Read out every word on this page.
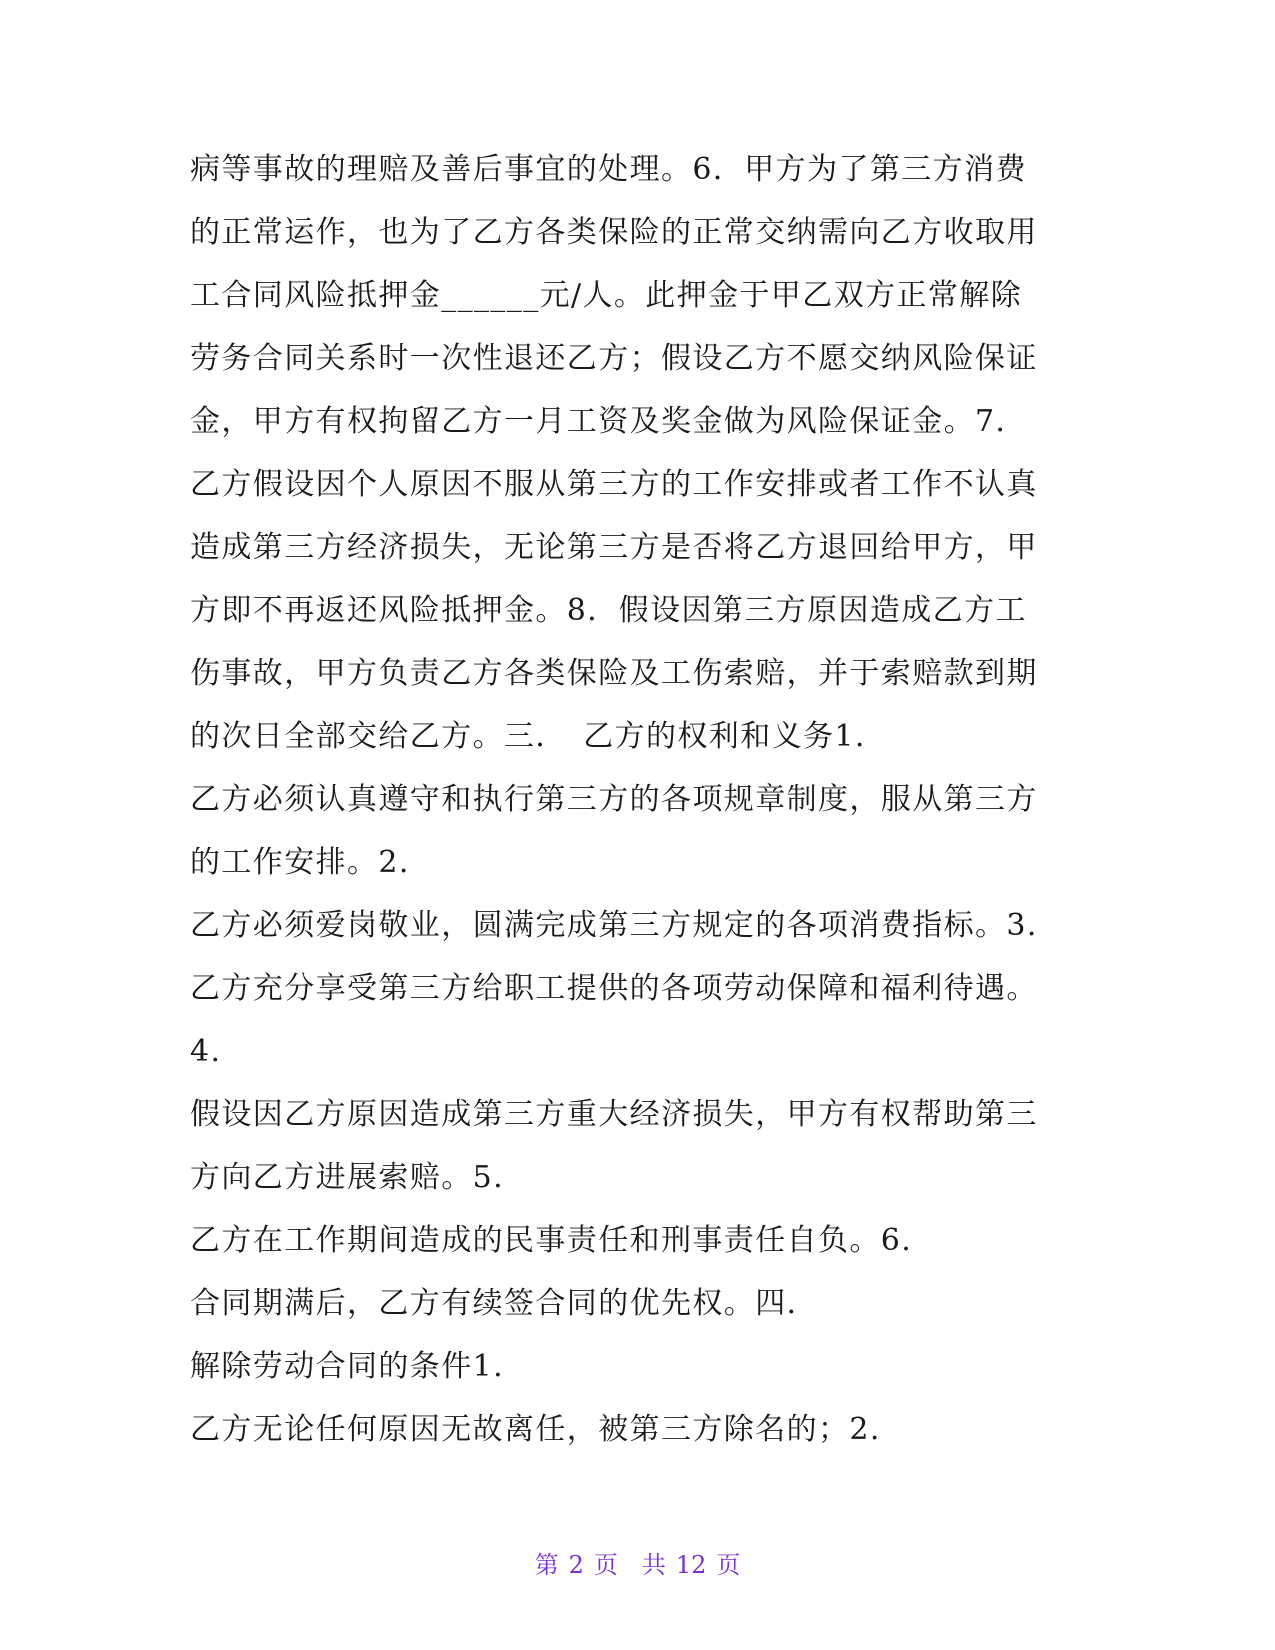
病等事故的理赔及善后事宜的处理。6．甲方为了第三方消费
的正常运作，也为了乙方各类保险的正常交纳需向乙方收取用
工合同风险抵押金______元/人。此押金于甲乙双方正常解除
劳务合同关系时一次性退还乙方；假设乙方不愿交纳风险保证
金，甲方有权拘留乙方一月工资及奖金做为风险保证金。7．
乙方假设因个人原因不服从第三方的工作安排或者工作不认真
造成第三方经济损失，无论第三方是否将乙方退回给甲方，甲
方即不再返还风险抵押金。8．假设因第三方原因造成乙方工
伤事故，甲方负责乙方各类保险及工伤索赔，并于索赔款到期
的次日全部交给乙方。三．　乙方的权利和义务1.
乙方必须认真遵守和执行第三方的各项规章制度，服从第三方
的工作安排。2.
乙方必须爱岗敬业，圆满完成第三方规定的各项消费指标。3.
乙方充分享受第三方给职工提供的各项劳动保障和福利待遇。
4.
假设因乙方原因造成第三方重大经济损失，甲方有权帮助第三
方向乙方进展索赔。5.
乙方在工作期间造成的民事责任和刑事责任自负。6.
合同期满后，乙方有续签合同的优先权。四．
解除劳动合同的条件1.
乙方无论任何原因无故离任，被第三方除名的；2.
第 2 页　共 12 页
